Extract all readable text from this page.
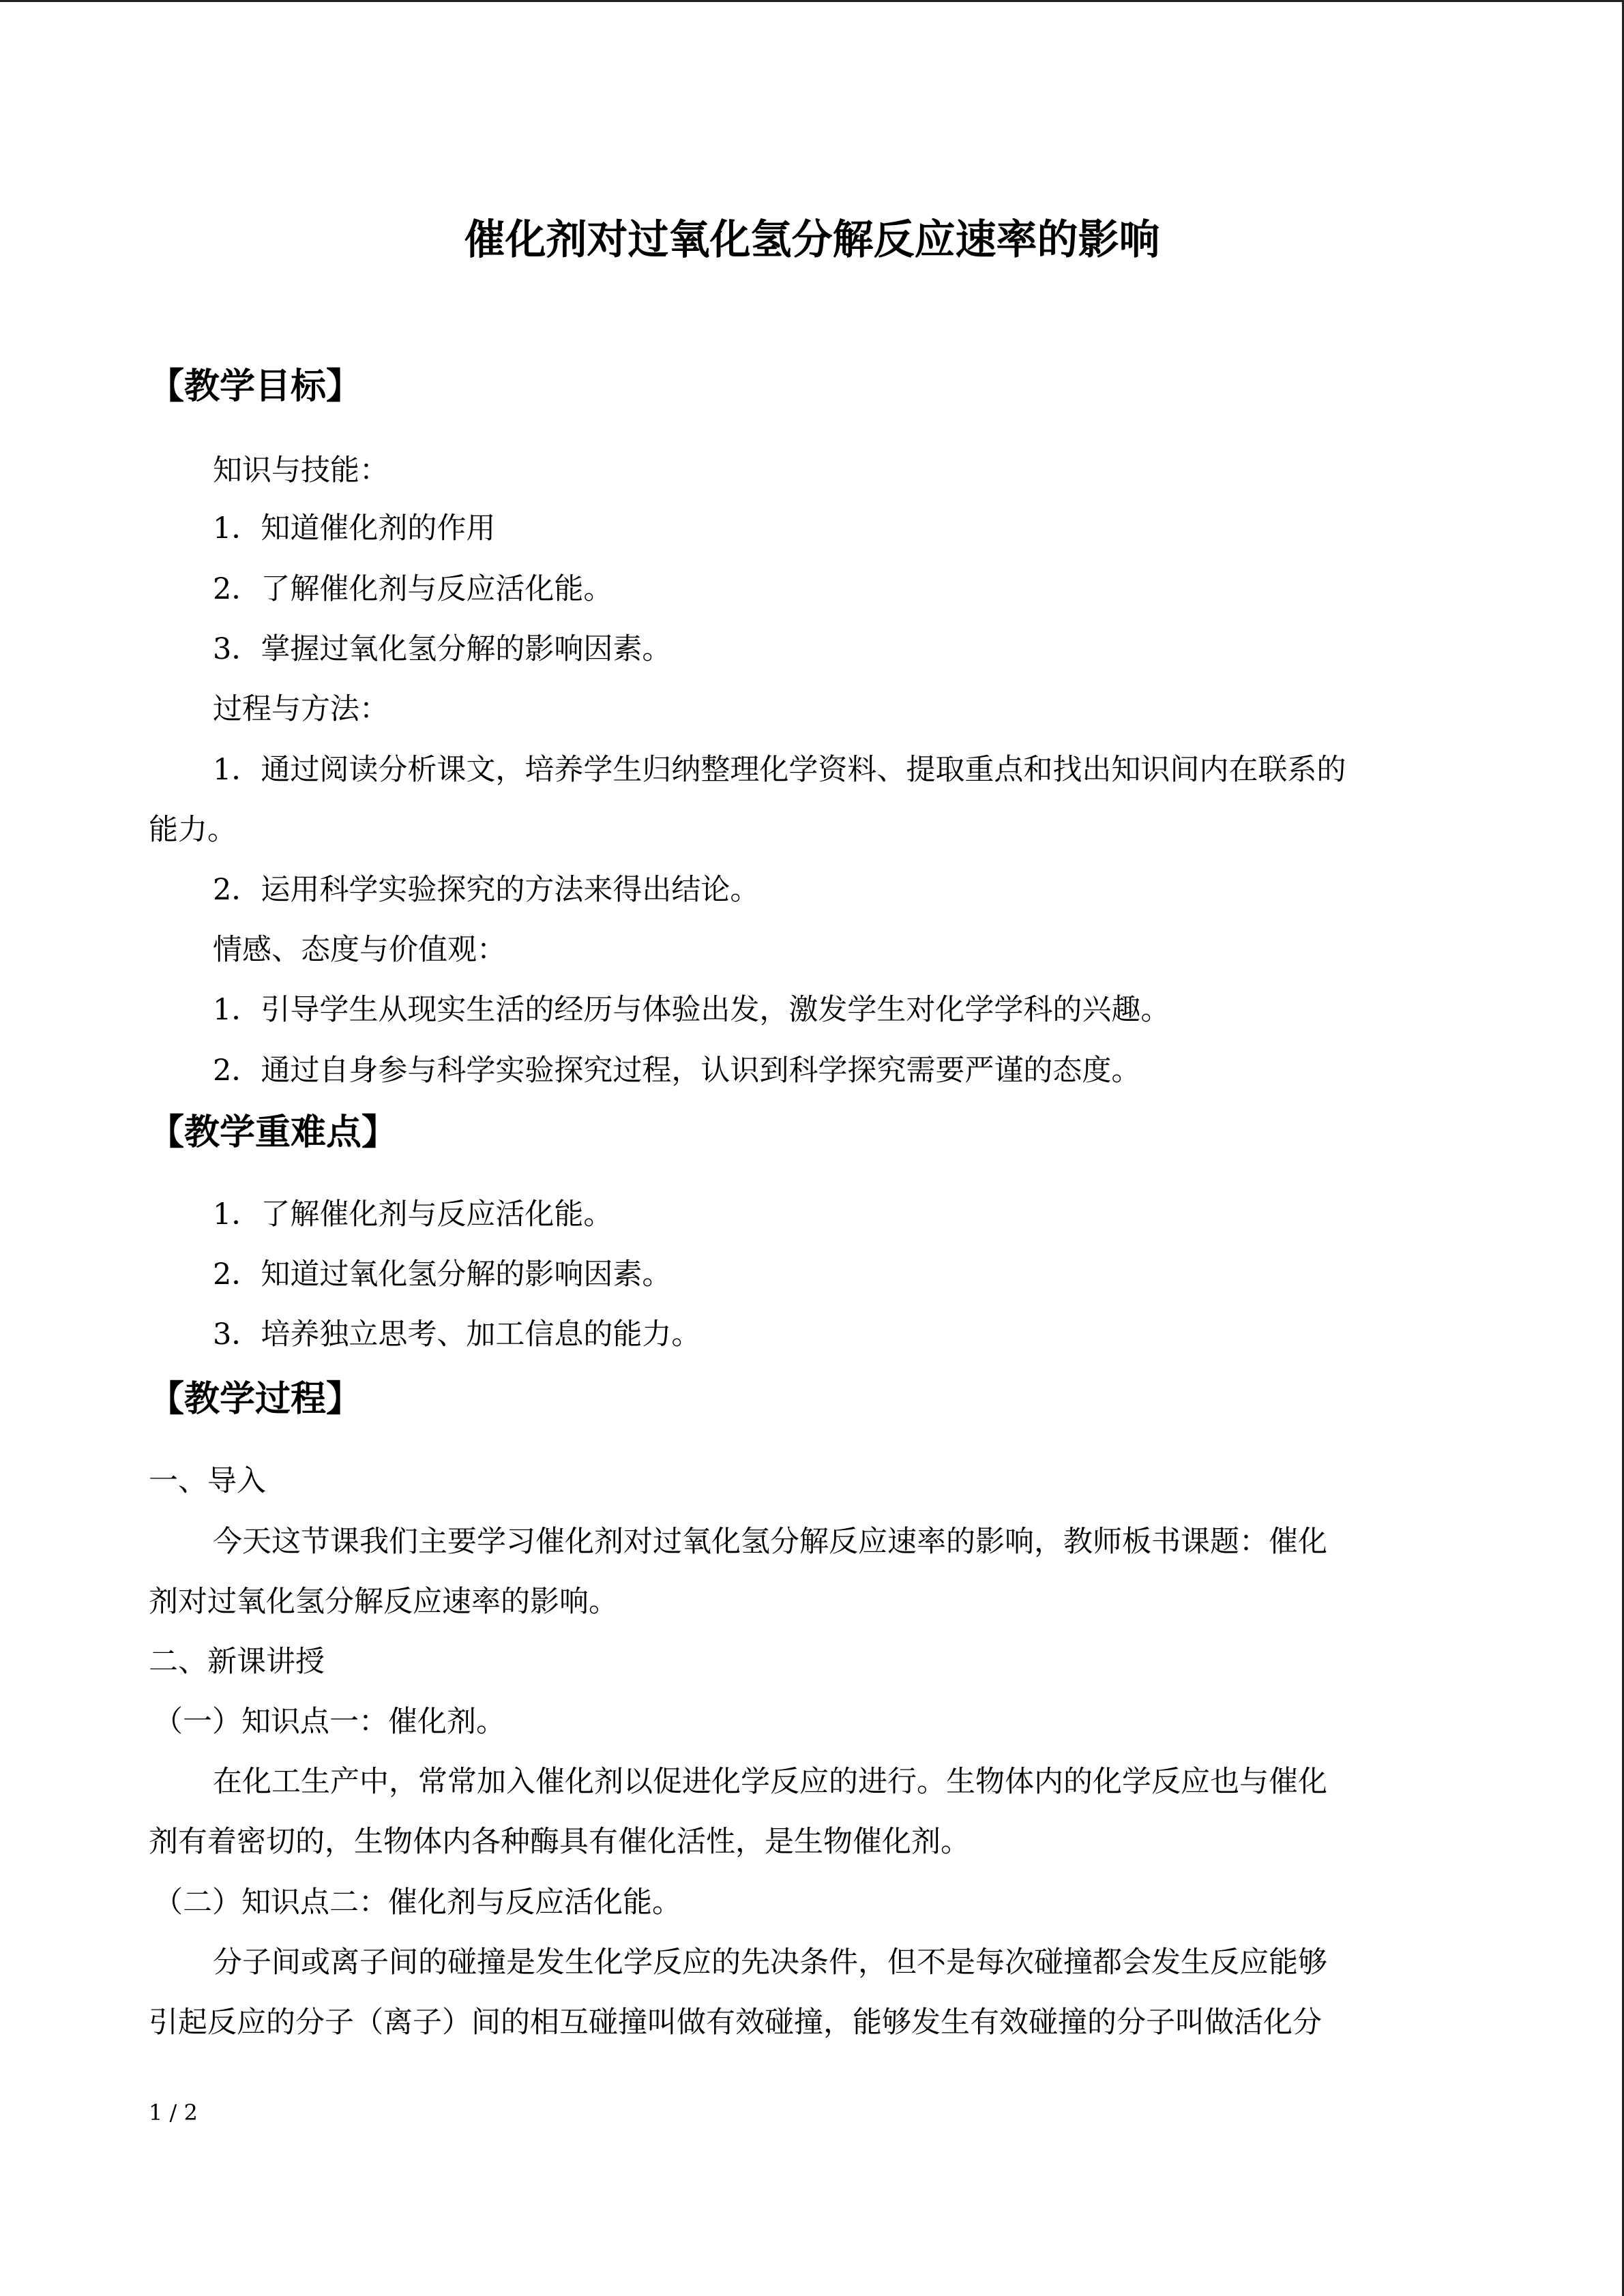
催化剂对过氧化氢分解反应速率的影响
【教学目标】
知识与技能：
1．知道催化剂的作用
2．了解催化剂与反应活化能。
3．掌握过氧化氢分解的影响因素。
过程与方法：
1．通过阅读分析课文，培养学生归纳整理化学资料、提取重点和找出知识间内在联系的
能力。
2．运用科学实验探究的方法来得出结论。
情感、态度与价值观：
1．引导学生从现实生活的经历与体验出发，激发学生对化学学科的兴趣。
2．通过自身参与科学实验探究过程，认识到科学探究需要严谨的态度。
【教学重难点】
1．了解催化剂与反应活化能。
2．知道过氧化氢分解的影响因素。
3．培养独立思考、加工信息的能力。
【教学过程】
一、导入
今天这节课我们主要学习催化剂对过氧化氢分解反应速率的影响，教师板书课题：催化
剂对过氧化氢分解反应速率的影响。
二、新课讲授
（一）知识点一：催化剂。
在化工生产中，常常加入催化剂以促进化学反应的进行。生物体内的化学反应也与催化
剂有着密切的，生物体内各种酶具有催化活性，是生物催化剂。
（二）知识点二：催化剂与反应活化能。
分子间或离子间的碰撞是发生化学反应的先决条件，但不是每次碰撞都会发生反应能够
引起反应的分子（离子）间的相互碰撞叫做有效碰撞，能够发生有效碰撞的分子叫做活化分
1 / 2
